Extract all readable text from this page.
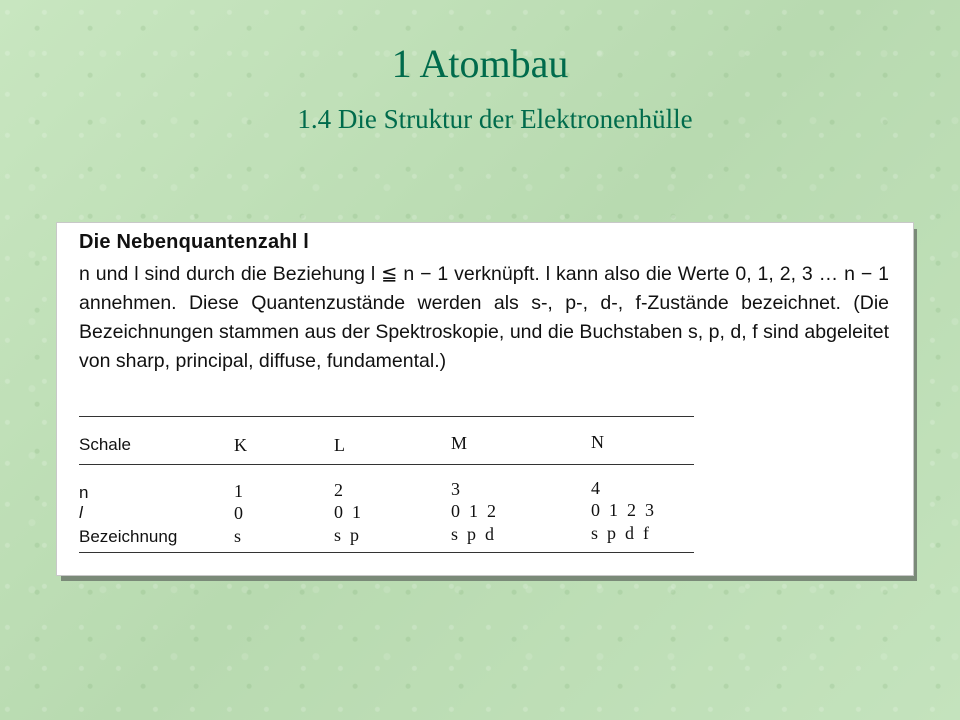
1 Atombau
1.4 Die Struktur der Elektronenhülle
Die Nebenquantenzahl l
n und l sind durch die Beziehung l ≦ n − 1 verknüpft. l kann also die Werte 0, 1, 2, 3 … n − 1 annehmen. Diese Quantenzustände werden als s-, p-, d-, f-Zustände bezeichnet. (Die Bezeichnungen stammen aus der Spektroskopie, und die Buchstaben s, p, d, f sind abgeleitet von sharp, principal, diffuse, fundamental.)
Schale	K	L	M	N
n	1	2	3	4
l	0	0  1	0  1  2	0  1  2  3
Bezeichnung	s	s  p	s  p  d	s  p  d  f
